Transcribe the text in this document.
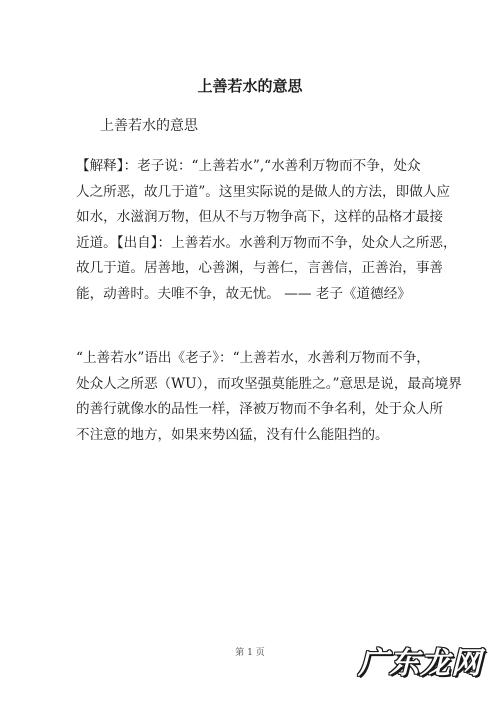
上善若水的意思
上善若水的意思
【解释】：老子说：“上善若水”,“水善利万物而不争，处众
人之所恶，故几于道”。这里实际说的是做人的方法，即做人应
如水，水滋润万物，但从不与万物争高下，这样的品格才最接
近道。【出自】：上善若水。水善利万物而不争，处众人之所恶，
故几于道。居善地，心善渊，与善仁，言善信，正善治，事善
能，动善时。夫唯不争，故无忧。 —— 老子《道德经》
“上善若水”语出《老子》：“上善若水，水善利万物而不争，
处众人之所恶（WU），而攻坚强莫能胜之。”意思是说，最高境界
的善行就像水的品性一样，泽被万物而不争名利，处于众人所
不注意的地方，如果来势凶猛，没有什么能阻挡的。
第 1 页	广东龙网
